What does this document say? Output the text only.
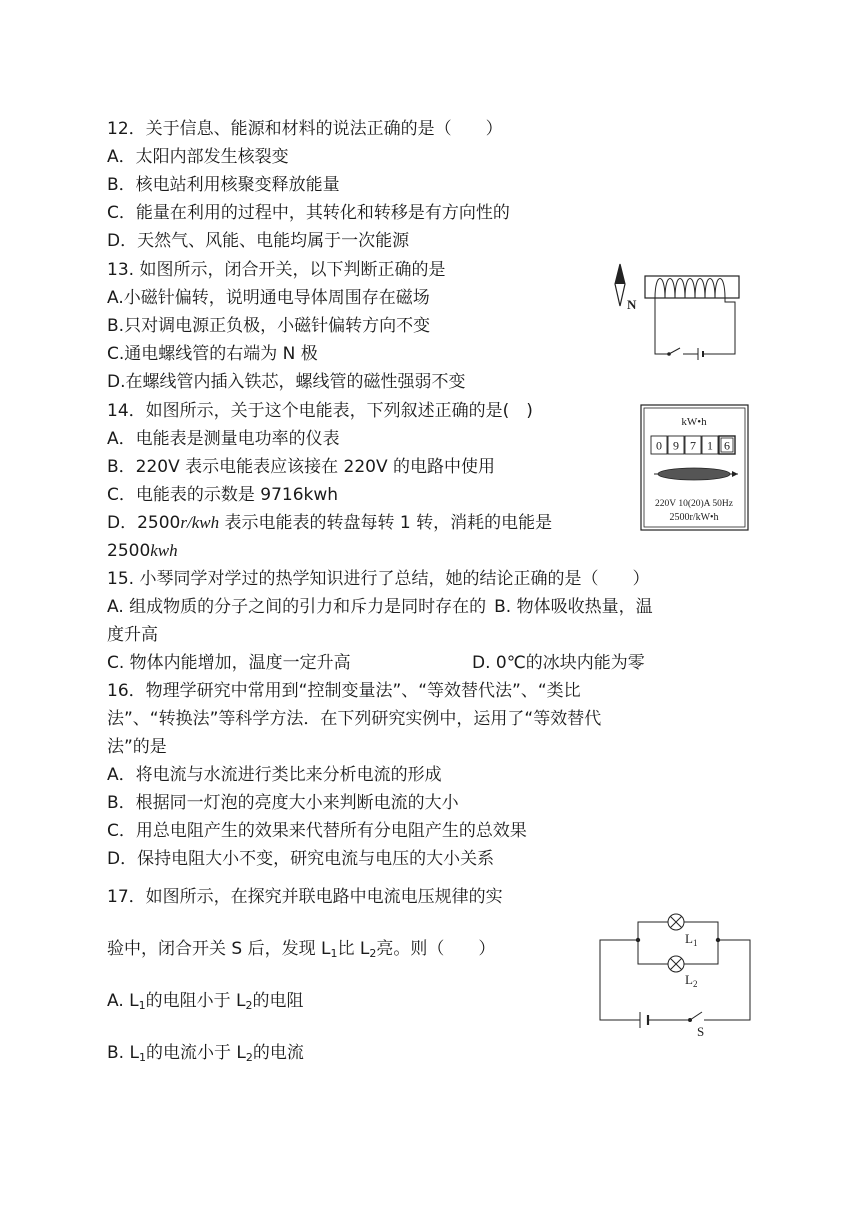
12．关于信息、能源和材料的说法正确的是（　　）
A．太阳内部发生核裂变
B．核电站利用核聚变释放能量
C．能量在利用的过程中，其转化和转移是有方向性的
D．天然气、风能、电能均属于一次能源
13. 如图所示，闭合开关，以下判断正确的是
A.小磁针偏转，说明通电导体周围存在磁场
B.只对调电源正负极，小磁针偏转方向不变
C.通电螺线管的右端为 N 极
D.在螺线管内插入铁芯，螺线管的磁性强弱不变
N
14．如图所示，关于这个电能表，下列叙述正确的是(　)
A．电能表是测量电功率的仪表
B．220V 表示电能表应该接在 220V 的电路中使用
C．电能表的示数是 9716kwh
D．2500r/kwh 表示电能表的转盘每转 1 转，消耗的电能是
2500kwh
kW•h
0 9 7 1 6
220V 10(20)A 50Hz
2500r/kW•h
15. 小琴同学对学过的热学知识进行了总结，她的结论正确的是（　　）
A. 组成物质的分子之间的引力和斥力是同时存在的 B. 物体吸收热量，温
度升高
C. 物体内能增加，温度一定升高	D. 0℃的冰块内能为零
16．物理学研究中常用到“控制变量法”、“等效替代法”、“类比
法”、“转换法”等科学方法．在下列研究实例中，运用了“等效替代
法”的是
A．将电流与水流进行类比来分析电流的形成
B．根据同一灯泡的亮度大小来判断电流的大小
C．用总电阻产生的效果来代替所有分电阻产生的总效果
D．保持电阻大小不变，研究电流与电压的大小关系
17．如图所示，在探究并联电路中电流电压规律的实
验中，闭合开关 S 后，发现 $L_1$比 $L_2$亮。则（　　）
A. $L_1$的电阻小于 $L_2$的电阻
B. $L_1$的电流小于 $L_2$的电流
$L_1$
$L_2$
S
